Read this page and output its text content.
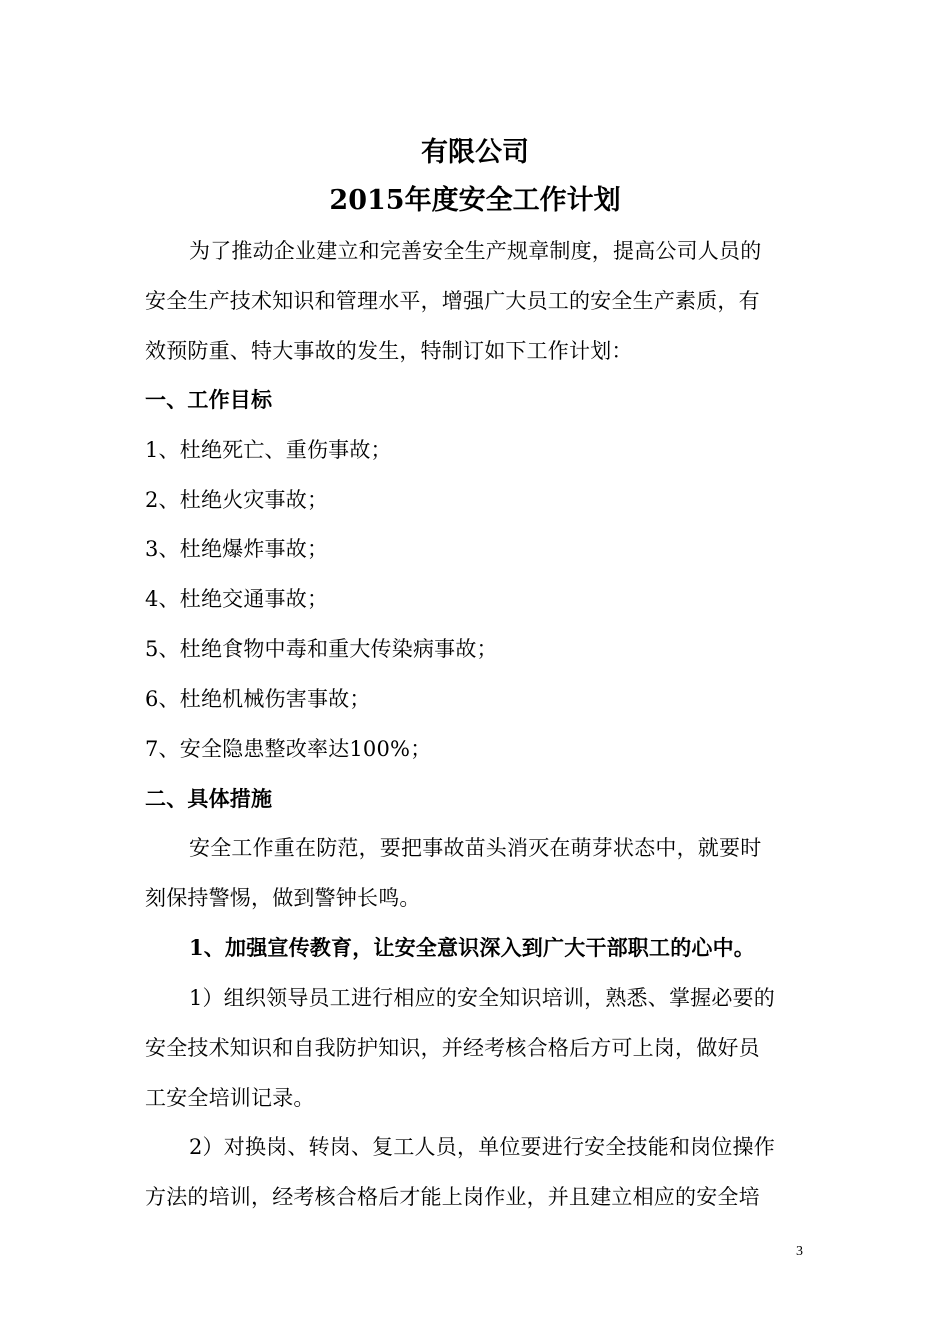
有限公司
2015年度安全工作计划
为了推动企业建立和完善安全生产规章制度，提高公司人员的
安全生产技术知识和管理水平，增强广大员工的安全生产素质，有
效预防重、特大事故的发生，特制订如下工作计划：
一、工作目标
1、杜绝死亡、重伤事故；
2、杜绝火灾事故；
3、杜绝爆炸事故；
4、杜绝交通事故；
5、杜绝食物中毒和重大传染病事故；
6、杜绝机械伤害事故；
7、安全隐患整改率达100%；
二、具体措施
安全工作重在防范，要把事故苗头消灭在萌芽状态中，就要时
刻保持警惕，做到警钟长鸣。
1、加强宣传教育，让安全意识深入到广大干部职工的心中。
1）组织领导员工进行相应的安全知识培训，熟悉、掌握必要的
安全技术知识和自我防护知识，并经考核合格后方可上岗，做好员
工安全培训记录。
2）对换岗、转岗、复工人员，单位要进行安全技能和岗位操作
方法的培训，经考核合格后才能上岗作业，并且建立相应的安全培
3
